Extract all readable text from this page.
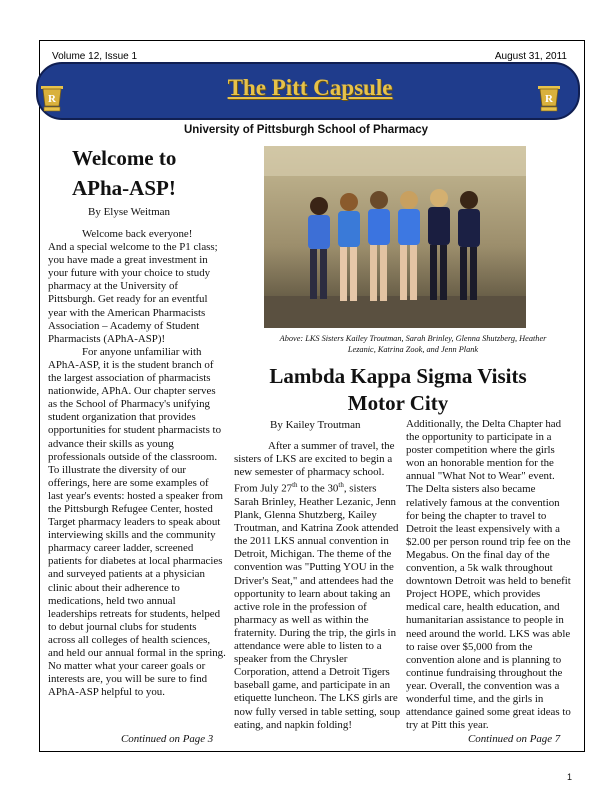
Volume 12, Issue 1	August 31, 2011
The Pitt Capsule
R	R
University of Pittsburgh School of Pharmacy
Welcome to
APha-ASP!
By Elyse Weitman

Welcome back everyone!

And a special welcome to the P1 class; you have made a great investment in your future with your choice to study pharmacy at the University of Pittsburgh. Get ready for an eventful year with the American Pharmacists Association – Academy of Student Pharmacists (APhA-ASP)!

For anyone unfamiliar with APhA-ASP, it is the student branch of the largest association of pharmacists nationwide, APhA. Our chapter serves as the School of Pharmacy's unifying student organization that provides opportunities for student pharmacists to advance their skills as young professionals outside of the classroom. To illustrate the diversity of our offerings, here are some examples of last year's events: hosted a speaker from the Pittsburgh Refugee Center, hosted Target pharmacy leaders to speak about interviewing skills and the community pharmacy career ladder, screened patients for diabetes at local pharmacies and surveyed patients at a physician clinic about their adherence to medications, held two annual leaderships retreats for students, helped to debut journal clubs for students across all colleges of health sciences, and held our annual formal in the spring. No matter what your career goals or interests are, you will be sure to find APhA-ASP helpful to you.

Continued on Page 3
Above: LKS Sisters Kailey Troutman, Sarah Brinley, Glenna Shutzberg, Heather Lezanic, Katrina Zook, and Jenn Plank
Lambda Kappa Sigma Visits
Motor City
By Kailey Troutman

After a summer of travel, the sisters of LKS are excited to begin a new semester of pharmacy school. From July 27th to the 30th, sisters Sarah Brinley, Heather Lezanic, Jenn Plank, Glenna Shutzberg, Kailey Troutman, and Katrina Zook attended the 2011 LKS annual convention in Detroit, Michigan. The theme of the convention was "Putting YOU in the Driver's Seat," and attendees had the opportunity to learn about taking an active role in the profession of pharmacy as well as within the fraternity. During the trip, the girls in attendance were able to listen to a speaker from the Chrysler Corporation, attend a Detroit Tigers baseball game, and participate in an etiquette luncheon. The LKS girls are now fully versed in table setting, soup eating, and napkin folding!

Additionally, the Delta Chapter had the opportunity to participate in a poster competition where the girls won an honorable mention for the annual "What Not to Wear" event. The Delta sisters also became relatively famous at the convention for being the chapter to travel to Detroit the least expensively with a $2.00 per person round trip fee on the Megabus. On the final day of the convention, a 5k walk throughout downtown Detroit was held to benefit Project HOPE, which provides medical care, health education, and humanitarian assistance to people in need around the world. LKS was able to raise over $5,000 from the convention alone and is planning to continue fundraising throughout the year. Overall, the convention was a wonderful time, and the girls in attendance gained some great ideas to try at Pitt this year.

Continued on Page 7
1
